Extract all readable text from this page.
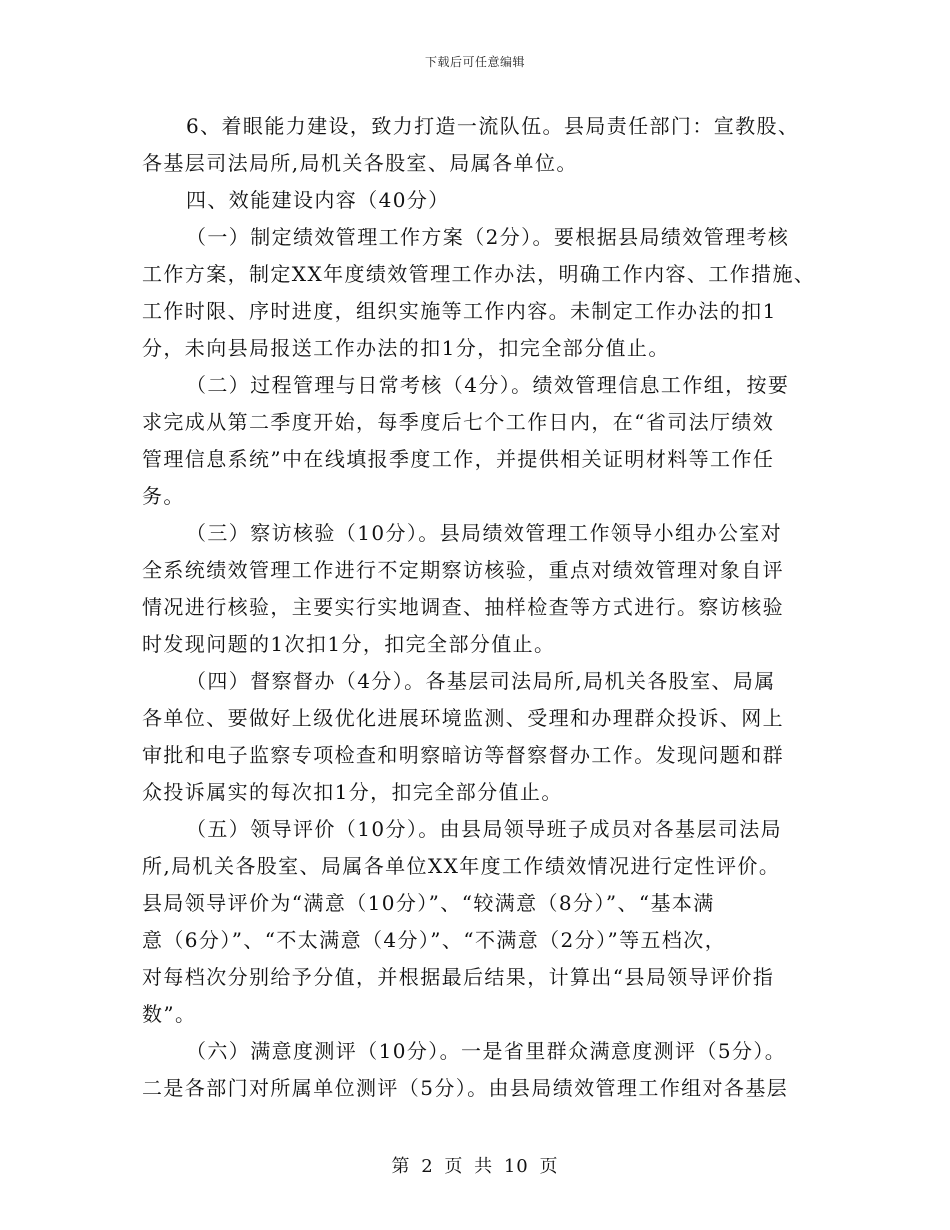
下载后可任意编辑
6、着眼能力建设，致力打造一流队伍。县局责任部门：宣教股、
各基层司法局所,局机关各股室、局属各单位。
四、效能建设内容（40分）
（一）制定绩效管理工作方案（2分）。要根据县局绩效管理考核
工作方案，制定XX年度绩效管理工作办法，明确工作内容、工作措施、
工作时限、序时进度，组织实施等工作内容。未制定工作办法的扣1
分，未向县局报送工作办法的扣1分，扣完全部分值止。
（二）过程管理与日常考核（4分）。绩效管理信息工作组，按要
求完成从第二季度开始，每季度后七个工作日内，在“省司法厅绩效
管理信息系统”中在线填报季度工作，并提供相关证明材料等工作任
务。
（三）察访核验（10分）。县局绩效管理工作领导小组办公室对
全系统绩效管理工作进行不定期察访核验，重点对绩效管理对象自评
情况进行核验，主要实行实地调查、抽样检查等方式进行。察访核验
时发现问题的1次扣1分，扣完全部分值止。
（四）督察督办（4分）。各基层司法局所,局机关各股室、局属
各单位、要做好上级优化进展环境监测、受理和办理群众投诉、网上
审批和电子监察专项检查和明察暗访等督察督办工作。发现问题和群
众投诉属实的每次扣1分，扣完全部分值止。
（五）领导评价（10分）。由县局领导班子成员对各基层司法局
所,局机关各股室、局属各单位XX年度工作绩效情况进行定性评价。
县局领导评价为“满意（10分）”、“较满意（8分）”、“基本满
意（6分）”、“不太满意（4分）”、“不满意（2分）”等五档次，
对每档次分别给予分值，并根据最后结果，计算出“县局领导评价指
数”。
（六）满意度测评（10分）。一是省里群众满意度测评（5分）。
二是各部门对所属单位测评（5分）。由县局绩效管理工作组对各基层
第 2 页 共 10 页
